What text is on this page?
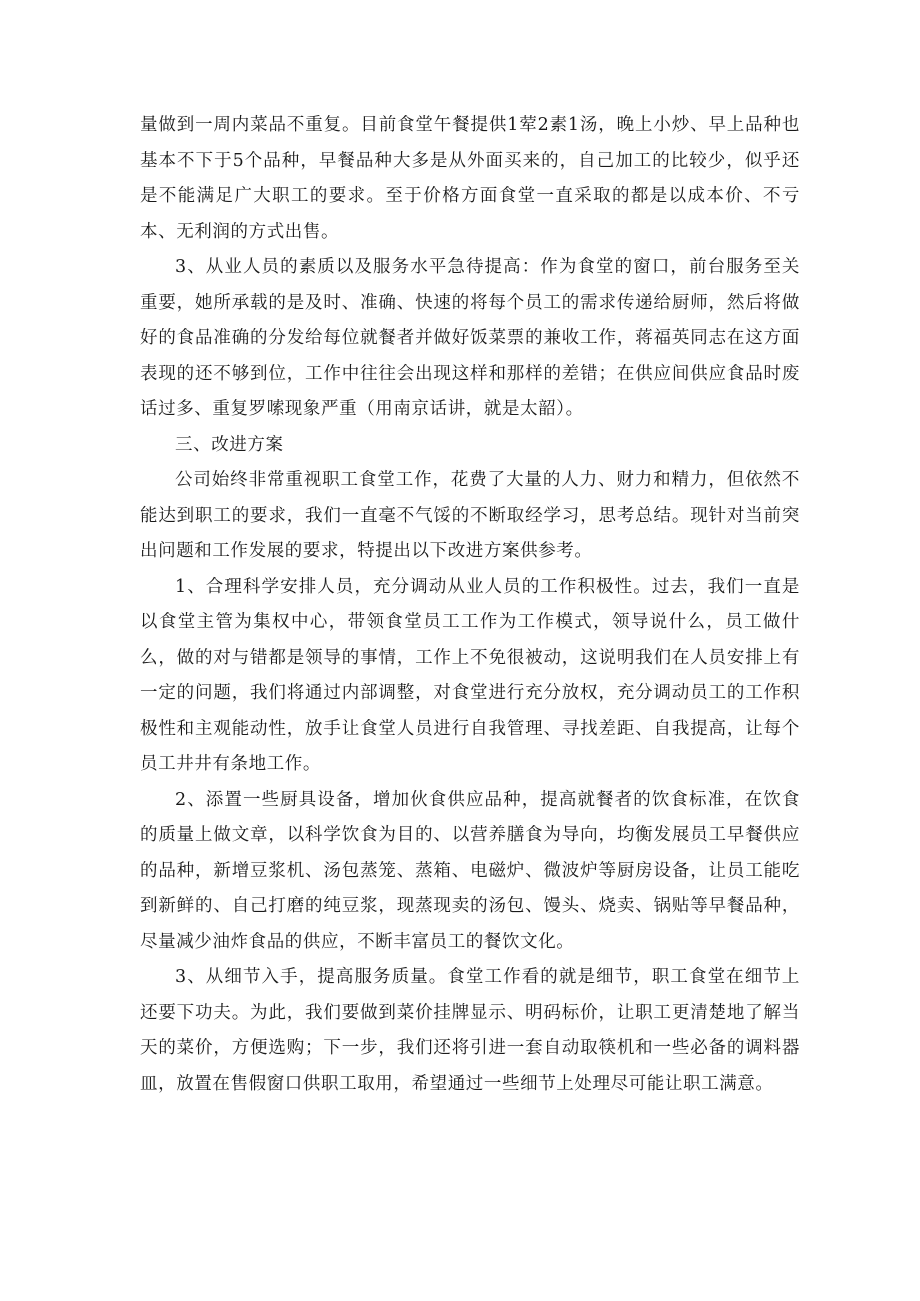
量做到一周内菜品不重复。目前食堂午餐提供1荤2素1汤，晚上小炒、早上品种也基本不下于5个品种，早餐品种大多是从外面买来的，自己加工的比较少，似乎还是不能满足广大职工的要求。至于价格方面食堂一直采取的都是以成本价、不亏本、无利润的方式出售。

3、从业人员的素质以及服务水平急待提高：作为食堂的窗口，前台服务至关重要，她所承载的是及时、准确、快速的将每个员工的需求传递给厨师，然后将做好的食品准确的分发给每位就餐者并做好饭菜票的兼收工作，蒋福英同志在这方面表现的还不够到位，工作中往往会出现这样和那样的差错；在供应间供应食品时废话过多、重复罗嗦现象严重（用南京话讲，就是太韶）。

三、改进方案

公司始终非常重视职工食堂工作，花费了大量的人力、财力和精力，但依然不能达到职工的要求，我们一直毫不气馁的不断取经学习，思考总结。现针对当前突出问题和工作发展的要求，特提出以下改进方案供参考。

1、合理科学安排人员，充分调动从业人员的工作积极性。过去，我们一直是以食堂主管为集权中心，带领食堂员工工作为工作模式，领导说什么，员工做什么，做的对与错都是领导的事情，工作上不免很被动，这说明我们在人员安排上有一定的问题，我们将通过内部调整，对食堂进行充分放权，充分调动员工的工作积极性和主观能动性，放手让食堂人员进行自我管理、寻找差距、自我提高，让每个员工井井有条地工作。

2、添置一些厨具设备，增加伙食供应品种，提高就餐者的饮食标准，在饮食的质量上做文章，以科学饮食为目的、以营养膳食为导向，均衡发展员工早餐供应的品种，新增豆浆机、汤包蒸笼、蒸箱、电磁炉、微波炉等厨房设备，让员工能吃到新鲜的、自己打磨的纯豆浆，现蒸现卖的汤包、馒头、烧卖、锅贴等早餐品种，尽量减少油炸食品的供应，不断丰富员工的餐饮文化。

3、从细节入手，提高服务质量。食堂工作看的就是细节，职工食堂在细节上还要下功夫。为此，我们要做到菜价挂牌显示、明码标价，让职工更清楚地了解当天的菜价，方便选购；下一步，我们还将引进一套自动取筷机和一些必备的调料器皿，放置在售假窗口供职工取用，希望通过一些细节上处理尽可能让职工满意。
